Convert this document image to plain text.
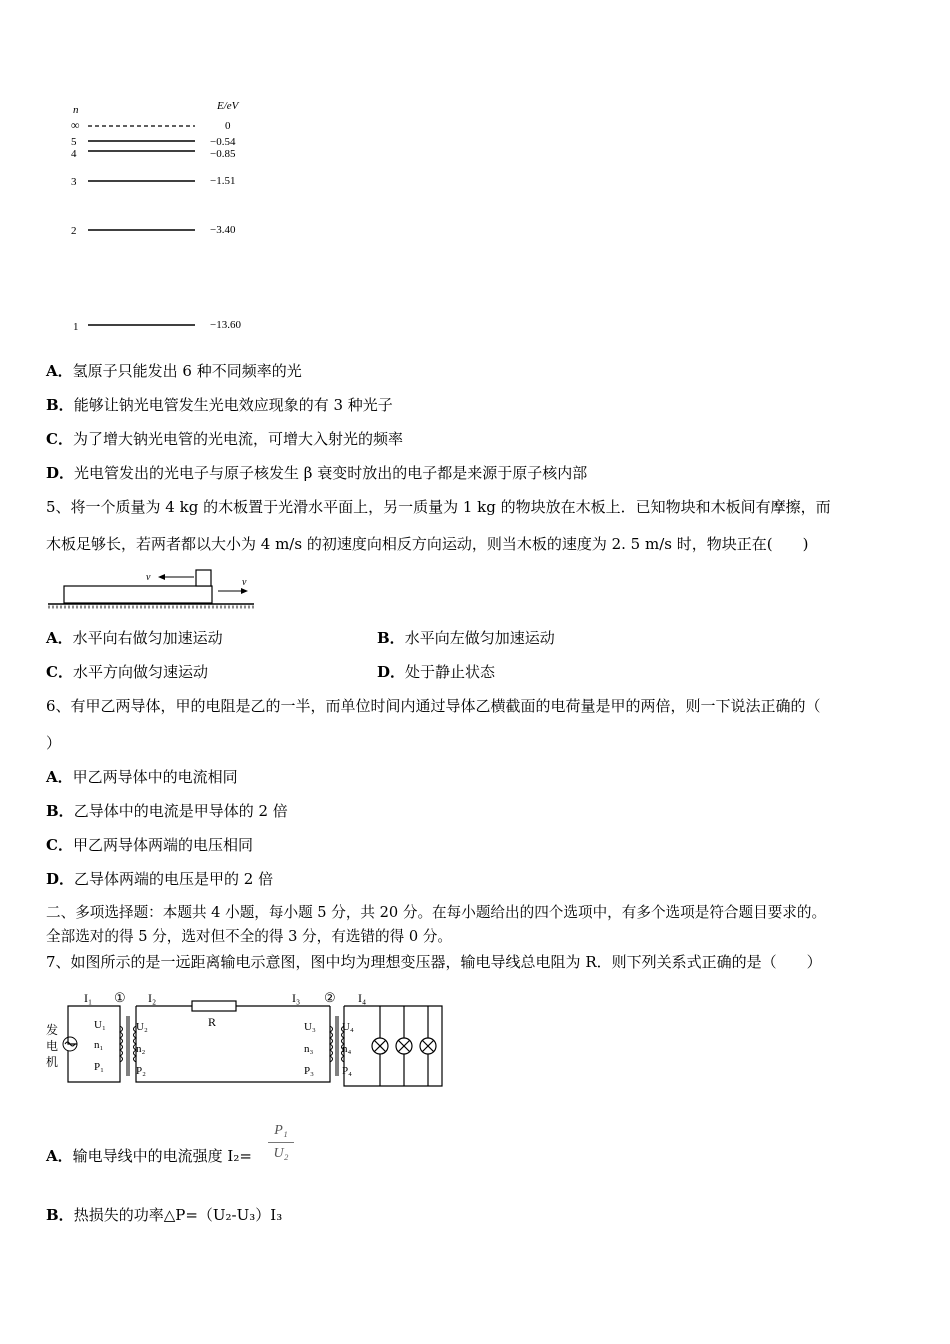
n	E/eV
∞	0
5	−0.54
4	−0.85
3	−1.51
2	−3.40
1	−13.60
A．氢原子只能发出 6 种不同频率的光
B．能够让钠光电管发生光电效应现象的有 3 种光子
C．为了增大钠光电管的光电流，可增大入射光的频率
D．光电管发出的光电子与原子核发生 β 衰变时放出的电子都是来源于原子核内部
5、将一个质量为 4 kg 的木板置于光滑水平面上，另一质量为 1 kg 的物块放在木板上．已知物块和木板间有摩擦，而
木板足够长，若两者都以大小为 4 m/s 的初速度向相反方向运动，则当木板的速度为 2. 5 m/s 时，物块正在(　　)
v	v
A．水平向右做匀加速运动	B．水平向左做匀加速运动
C．水平方向做匀速运动	D．处于静止状态
6、有甲乙两导体，甲的电阻是乙的一半，而单位时间内通过导体乙横截面的电荷量是甲的两倍，则一下说法正确的（
）
A．甲乙两导体中的电流相同
B．乙导体中的电流是甲导体的 2 倍
C．甲乙两导体两端的电压相同
D．乙导体两端的电压是甲的 2 倍
二、多项选择题：本题共 4 小题，每小题 5 分，共 20 分。在每小题给出的四个选项中，有多个选项是符合题目要求的。
全部选对的得 5 分，选对但不全的得 3 分，有选错的得 0 分。
7、如图所示的是一远距离输电示意图，图中均为理想变压器，输电导线总电阻为 R．则下列关系式正确的是（　　）
发
电
机
I₁
U₁
n₁
P₁
①
R
I₂
U₂
n₂
P₂
I₃
U₃
n₃
P₃
② I₄
U₄
n₄
P₄
A．输电导线中的电流强度 I₂=
P₁
U₂
B．热损失的功率△P=（U₂-U₃）I₃
